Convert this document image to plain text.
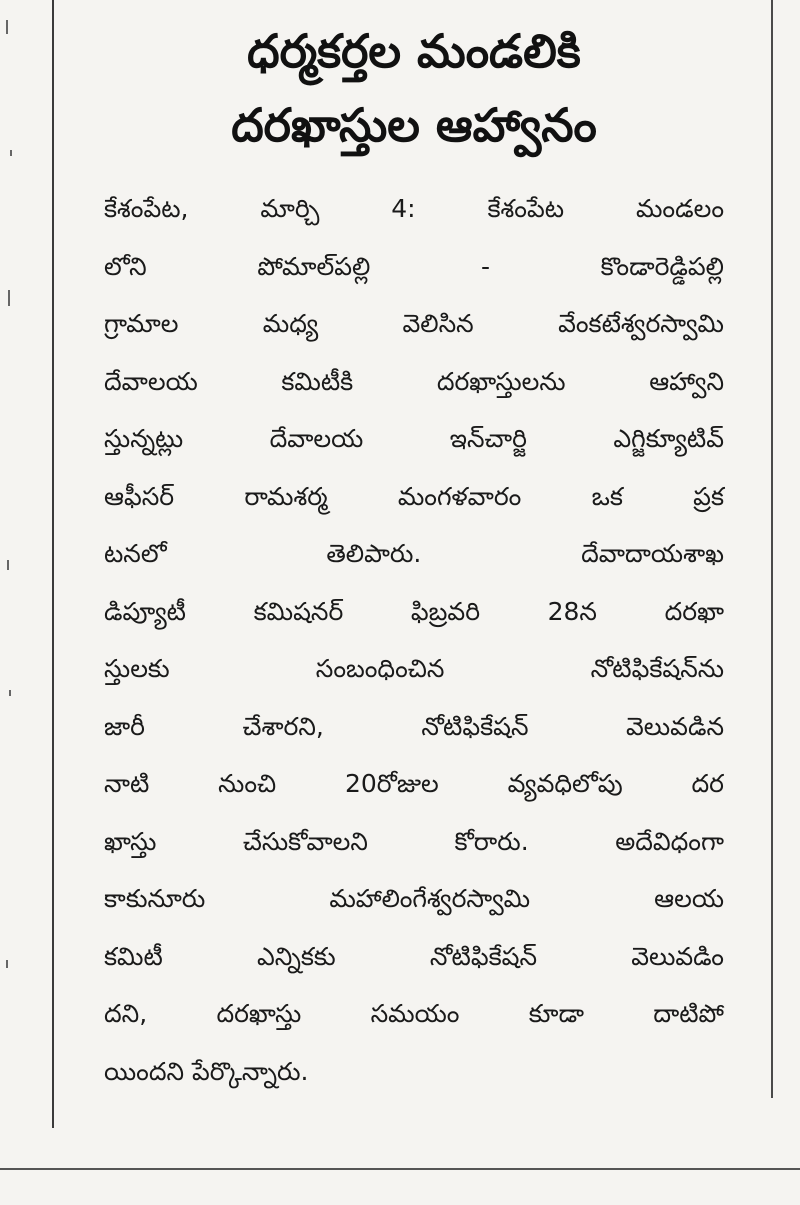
ధర్మకర్తల మండలికి
దరఖాస్తుల ఆహ్వానం
కేశంపేట, మార్చి 4: కేశంపేట మండలం
లోని పోమాల్‌పల్లి - కొండారెడ్డిపల్లి
గ్రామాల మధ్య వెలిసిన వేంకటేశ్వరస్వామి
దేవాలయ కమిటీకి దరఖాస్తులను ఆహ్వాని
స్తున్నట్లు దేవాలయ ఇన్‌చార్జి ఎగ్జిక్యూటివ్
ఆఫీసర్ రామశర్మ మంగళవారం ఒక ప్రక
టనలో తెలిపారు. దేవాదాయశాఖ
డిప్యూటీ కమిషనర్ ఫిబ్రవరి 28న దరఖా
స్తులకు సంబంధించిన నోటిఫికేషన్‌ను
జారీ చేశారని, నోటిఫికేషన్ వెలువడిన
నాటి నుంచి 20రోజుల వ్యవధిలోపు దర
ఖాస్తు చేసుకోవాలని కోరారు. అదేవిధంగా
కాకునూరు మహాలింగేశ్వరస్వామి ఆలయ
కమిటీ ఎన్నికకు నోటిఫికేషన్ వెలువడిం
దని, దరఖాస్తు సమయం కూడా దాటిపో
యిందని పేర్కొన్నారు.
